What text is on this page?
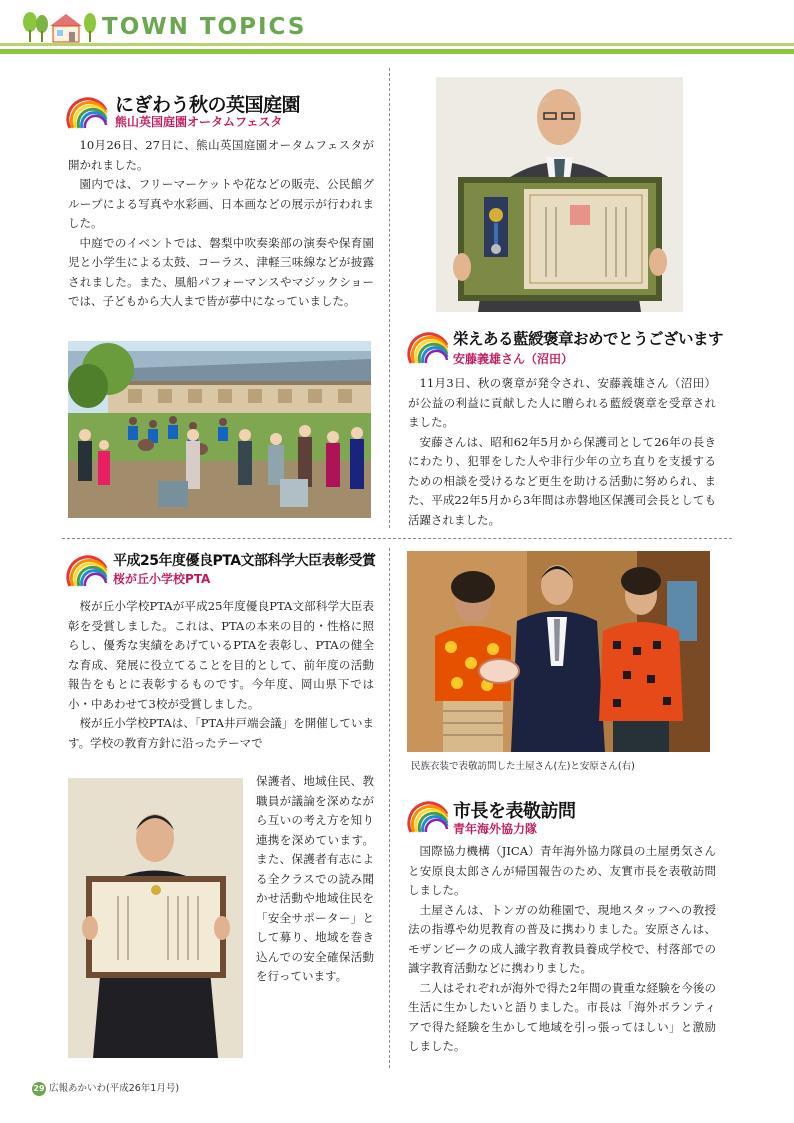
TOWN TOPICS
にぎわう秋の英国庭園
熊山英国庭園オータムフェスタ

10月26日、27日に、熊山英国庭園オータムフェスタが開かれました。

園内では、フリーマーケットや花などの販売、公民館グループによる写真や水彩画、日本画などの展示が行われました。

中庭でのイベントでは、磐梨中吹奏楽部の演奏や保育園児と小学生による太鼓、コーラス、津軽三味線などが披露されました。また、風船パフォーマンスやマジックショーでは、子どもから大人まで皆が夢中になっていました。

栄えある藍綬褒章おめでとうございます
安藤義雄さん（沼田）

11月3日、秋の褒章が発令され、安藤義雄さん（沼田）が公益の利益に貢献した人に贈られる藍綬褒章を受章されました。

安藤さんは、昭和62年5月から保護司として26年の長きにわたり、犯罪をした人や非行少年の立ち直りを支援するための相談を受けるなど更生を助ける活動に努められ、また、平成22年5月から3年間は赤磐地区保護司会長としても活躍されました。

平成25年度優良PTA文部科学大臣表彰受賞
桜が丘小学校PTA

桜が丘小学校PTAが平成25年度優良PTA文部科学大臣表彰を受賞しました。これは、PTAの本来の目的・性格に照らし、優秀な実績をあげているPTAを表彰し、PTAの健全な育成、発展に役立てることを目的として、前年度の活動報告をもとに表彰するものです。今年度、岡山県下では小・中あわせて3校が受賞しました。

桜が丘小学校PTAは、「PTA井戸端会議」を開催しています。学校の教育方針に沿ったテーマで

保護者、地域住民、教職員が議論を深めながら互いの考え方を知り連携を深めています。また、保護者有志による全クラスでの読み聞かせ活動や地域住民を「安全サポーター」として募り、地域を巻き込んでの安全確保活動を行っています。

民族衣装で表敬訪問した土屋さん(左)と安原さん(右)
市長を表敬訪問
青年海外協力隊

国際協力機構（JICA）青年海外協力隊員の土屋勇気さんと安原良太郎さんが帰国報告のため、友實市長を表敬訪問しました。

土屋さんは、トンガの幼稚園で、現地スタッフへの教授法の指導や幼児教育の普及に携わりました。安原さんは、モザンビークの成人識字教育教員養成学校で、村落部での識字教育活動などに携わりました。

二人はそれぞれが海外で得た2年間の貴重な経験を今後の生活に生かしたいと語りました。市長は「海外ボランティアで得た経験を生かして地域を引っ張ってほしい」と激励しました。

29 広報あかいわ(平成26年1月号)
